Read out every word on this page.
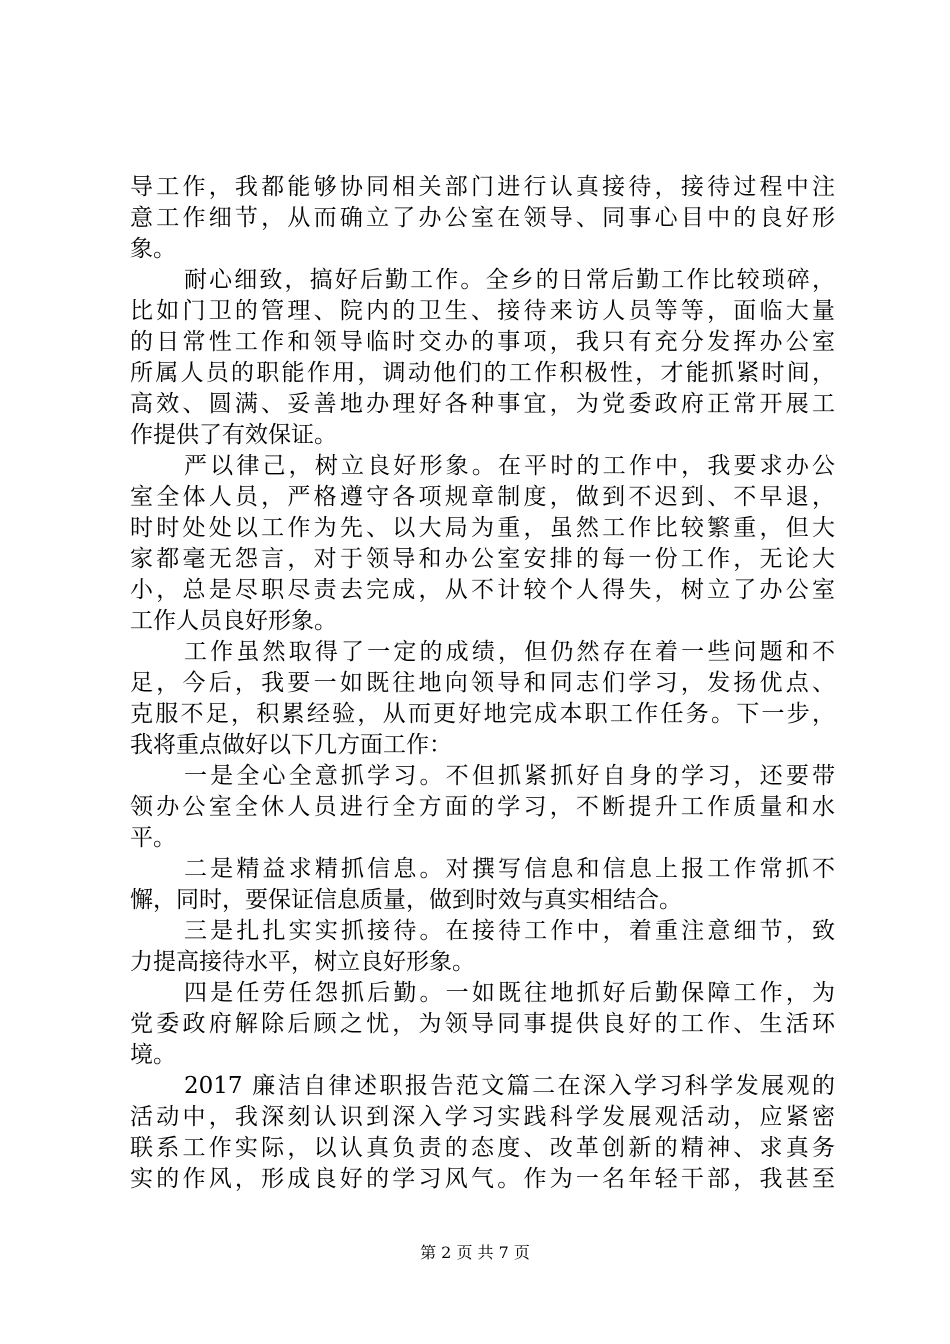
导工作，我都能够协同相关部门进行认真接待，接待过程中注
意工作细节，从而确立了办公室在领导、同事心目中的良好形
象。
耐心细致，搞好后勤工作。全乡的日常后勤工作比较琐碎，
比如门卫的管理、院内的卫生、接待来访人员等等，面临大量
的日常性工作和领导临时交办的事项，我只有充分发挥办公室
所属人员的职能作用，调动他们的工作积极性，才能抓紧时间，
高效、圆满、妥善地办理好各种事宜，为党委政府正常开展工
作提供了有效保证。
严以律己，树立良好形象。在平时的工作中，我要求办公
室全体人员，严格遵守各项规章制度，做到不迟到、不早退，
时时处处以工作为先、以大局为重，虽然工作比较繁重，但大
家都毫无怨言，对于领导和办公室安排的每一份工作，无论大
小，总是尽职尽责去完成，从不计较个人得失，树立了办公室
工作人员良好形象。
工作虽然取得了一定的成绩，但仍然存在着一些问题和不
足，今后，我要一如既往地向领导和同志们学习，发扬优点、
克服不足，积累经验，从而更好地完成本职工作任务。下一步，
我将重点做好以下几方面工作：
一是全心全意抓学习。不但抓紧抓好自身的学习，还要带
领办公室全休人员进行全方面的学习，不断提升工作质量和水
平。
二是精益求精抓信息。对撰写信息和信息上报工作常抓不
懈，同时，要保证信息质量，做到时效与真实相结合。
三是扎扎实实抓接待。在接待工作中，着重注意细节，致
力提高接待水平，树立良好形象。
四是任劳任怨抓后勤。一如既往地抓好后勤保障工作，为
党委政府解除后顾之忧，为领导同事提供良好的工作、生活环
境。
2017 廉洁自律述职报告范文篇二在深入学习科学发展观的
活动中，我深刻认识到深入学习实践科学发展观活动，应紧密
联系工作实际，以认真负责的态度、改革创新的精神、求真务
实的作风，形成良好的学习风气。作为一名年轻干部，我甚至
第 2 页 共 7 页
